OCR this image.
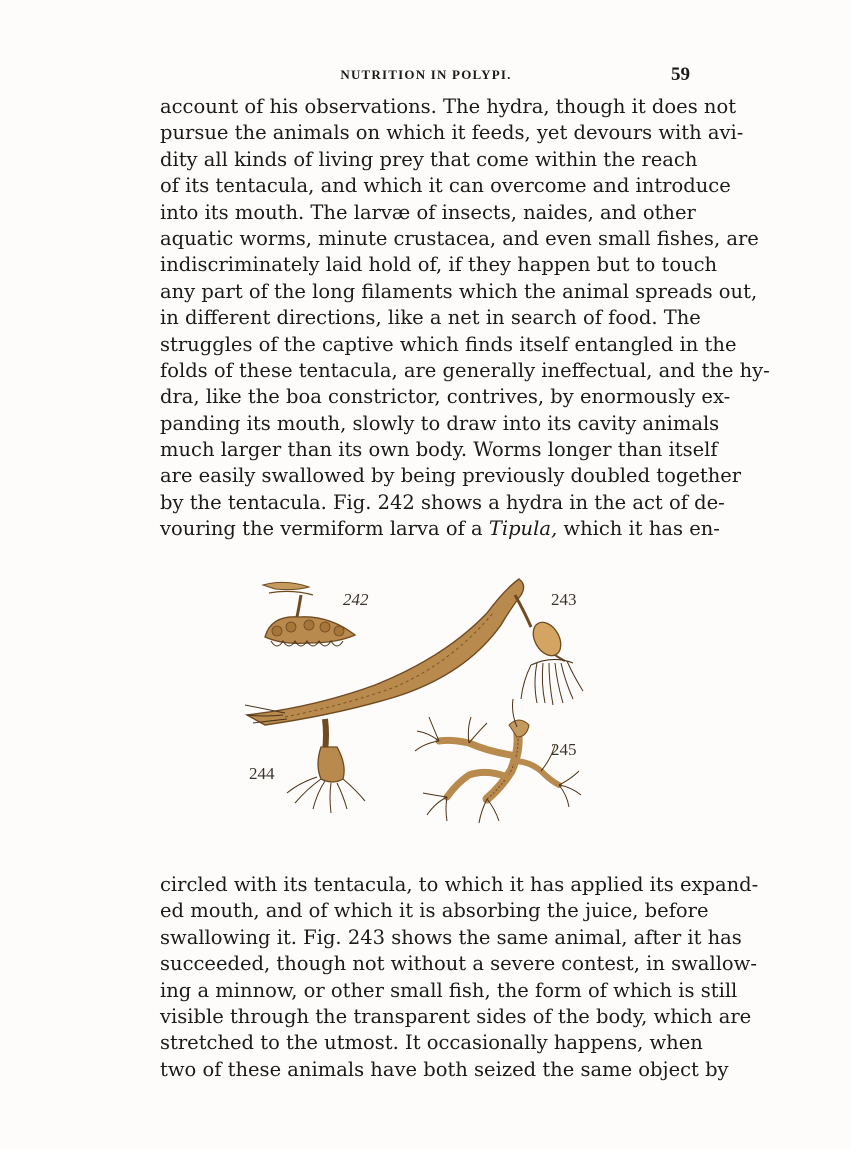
NUTRITION IN POLYPI.	59
account of his observations. The hydra, though it does not
pursue the animals on which it feeds, yet devours with avi-
dity all kinds of living prey that come within the reach
of its tentacula, and which it can overcome and introduce
into its mouth. The larvæ of insects, naides, and other
aquatic worms, minute crustacea, and even small fishes, are
indiscriminately laid hold of, if they happen but to touch
any part of the long filaments which the animal spreads out,
in different directions, like a net in search of food. The
struggles of the captive which finds itself entangled in the
folds of these tentacula, are generally ineffectual, and the hy-
dra, like the boa constrictor, contrives, by enormously ex-
panding its mouth, slowly to draw into its cavity animals
much larger than its own body. Worms longer than itself
are easily swallowed by being previously doubled together
by the tentacula. Fig. 242 shows a hydra in the act of de-
vouring the vermiform larva of a Tipula, which it has en-
242	243
244
245
circled with its tentacula, to which it has applied its expand-
ed mouth, and of which it is absorbing the juice, before
swallowing it. Fig. 243 shows the same animal, after it has
succeeded, though not without a severe contest, in swallow-
ing a minnow, or other small fish, the form of which is still
visible through the transparent sides of the body, which are
stretched to the utmost. It occasionally happens, when
two of these animals have both seized the same object by
